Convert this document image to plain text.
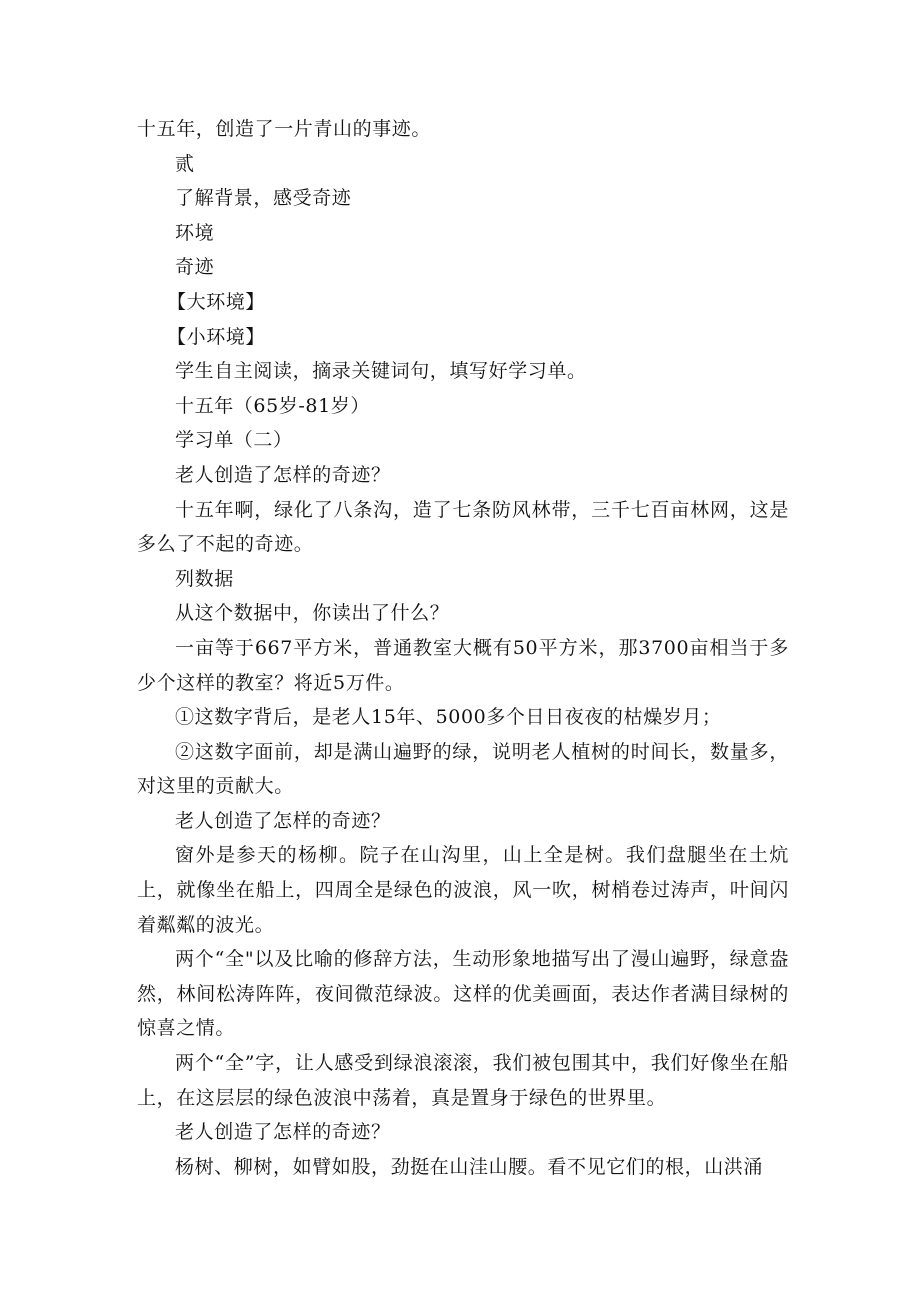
十五年，创造了一片青山的事迹。

贰

了解背景，感受奇迹

环境

奇迹

【大环境】

【小环境】

学生自主阅读，摘录关键词句，填写好学习单。

十五年（65岁-81岁）

学习单（二）

老人创造了怎样的奇迹？

十五年啊，绿化了八条沟，造了七条防风林带，三千七百亩林网，这是多么了不起的奇迹。

列数据

从这个数据中，你读出了什么？

一亩等于667平方米，普通教室大概有50平方米，那3700亩相当于多少个这样的教室？将近5万件。

①这数字背后，是老人15年、5000多个日日夜夜的枯燥岁月；

②这数字面前，却是满山遍野的绿，说明老人植树的时间长，数量多，对这里的贡献大。

老人创造了怎样的奇迹？

窗外是参天的杨柳。院子在山沟里，山上全是树。我们盘腿坐在土炕上，就像坐在船上，四周全是绿色的波浪，风一吹，树梢卷过涛声，叶间闪着粼粼的波光。

两个“全"以及比喻的修辞方法，生动形象地描写出了漫山遍野，绿意盎然，林间松涛阵阵，夜间微范绿波。这样的优美画面，表达作者满目绿树的惊喜之情。

两个“全”字，让人感受到绿浪滚滚，我们被包围其中，我们好像坐在船上，在这层层的绿色波浪中荡着，真是置身于绿色的世界里。

老人创造了怎样的奇迹？

杨树、柳树，如臂如股，劲挺在山洼山腰。看不见它们的根，山洪涌
